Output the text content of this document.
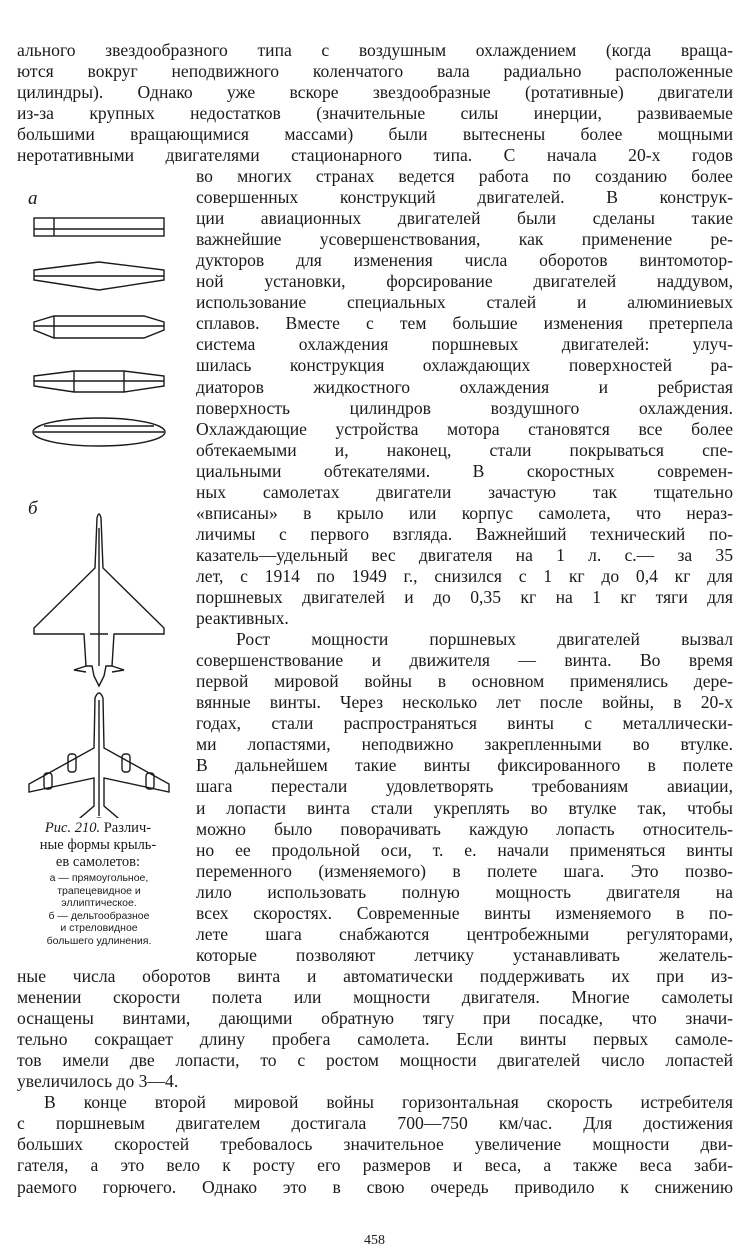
ального звездообразного типа с воздушным охлаждением (когда враща-
ются вокруг неподвижного коленчатого вала радиально расположенные
цилиндры). Однако уже вскоре звездообразные (ротативные) двигатели
из-за крупных недостатков (значительные силы инерции, развиваемые
большими вращающимися массами) были вытеснены более мощными
неротативными двигателями стационарного типа. С начала 20-х годов
а
б
Рис. 210. Различ-
ные формы крыль-
ев самолетов:
а — прямоугольное,
трапецевидное и
эллиптическое.
б — дельтообразное
и стреловидное
большего удлинения.
во многих странах ведется работа по созданию более
совершенных конструкций двигателей. В конструк-
ции авиационных двигателей были сделаны такие
важнейшие усовершенствования, как применение ре-
дукторов для изменения числа оборотов винтомотор-
ной установки, форсирование двигателей наддувом,
использование специальных сталей и алюминиевых
сплавов. Вместе с тем большие изменения претерпела
система охлаждения поршневых двигателей: улуч-
шилась конструкция охлаждающих поверхностей ра-
диаторов жидкостного охлаждения и ребристая
поверхность цилиндров воздушного охлаждения.
Охлаждающие устройства мотора становятся все более
обтекаемыми и, наконец, стали покрываться спе-
циальными обтекателями. В скоростных современ-
ных самолетах двигатели зачастую так тщательно
«вписаны» в крыло или корпус самолета, что нераз-
личимы с первого взгляда. Важнейший технический по-
казатель—удельный вес двигателя на 1 л. с.— за 35
лет, с 1914 по 1949 г., снизился с 1 кг до 0,4 кг для
поршневых двигателей и до 0,35 кг на 1 кг тяги для
реактивных.
Рост мощности поршневых двигателей вызвал
совершенствование и движителя — винта. Во время
первой мировой войны в основном применялись дере-
вянные винты. Через несколько лет после войны, в 20-х
годах, стали распространяться винты с металлически-
ми лопастями, неподвижно закрепленными во втулке.
В дальнейшем такие винты фиксированного в полете
шага перестали удовлетворять требованиям авиации,
и лопасти винта стали укреплять во втулке так, чтобы
можно было поворачивать каждую лопасть относитель-
но ее продольной оси, т. е. начали применяться винты
переменного (изменяемого) в полете шага. Это позво-
лило использовать полную мощность двигателя на
всех скоростях. Современные винты изменяемого в по-
лете шага снабжаются центробежными регуляторами,
которые позволяют летчику устанавливать желатель-
ные числа оборотов винта и автоматически поддерживать их при из-
менении скорости полета или мощности двигателя. Многие самолеты
оснащены винтами, дающими обратную тягу при посадке, что значи-
тельно сокращает длину пробега самолета. Если винты первых самоле-
тов имели две лопасти, то с ростом мощности двигателей число лопастей
увеличилось до 3—4.
В конце второй мировой войны горизонтальная скорость истребителя
с поршневым двигателем достигала 700—750 км/час. Для достижения
больших скоростей требовалось значительное увеличение мощности дви-
гателя, а это вело к росту его размеров и веса, а также веса заби-
раемого горючего. Однако это в свою очередь приводило к снижению
458
